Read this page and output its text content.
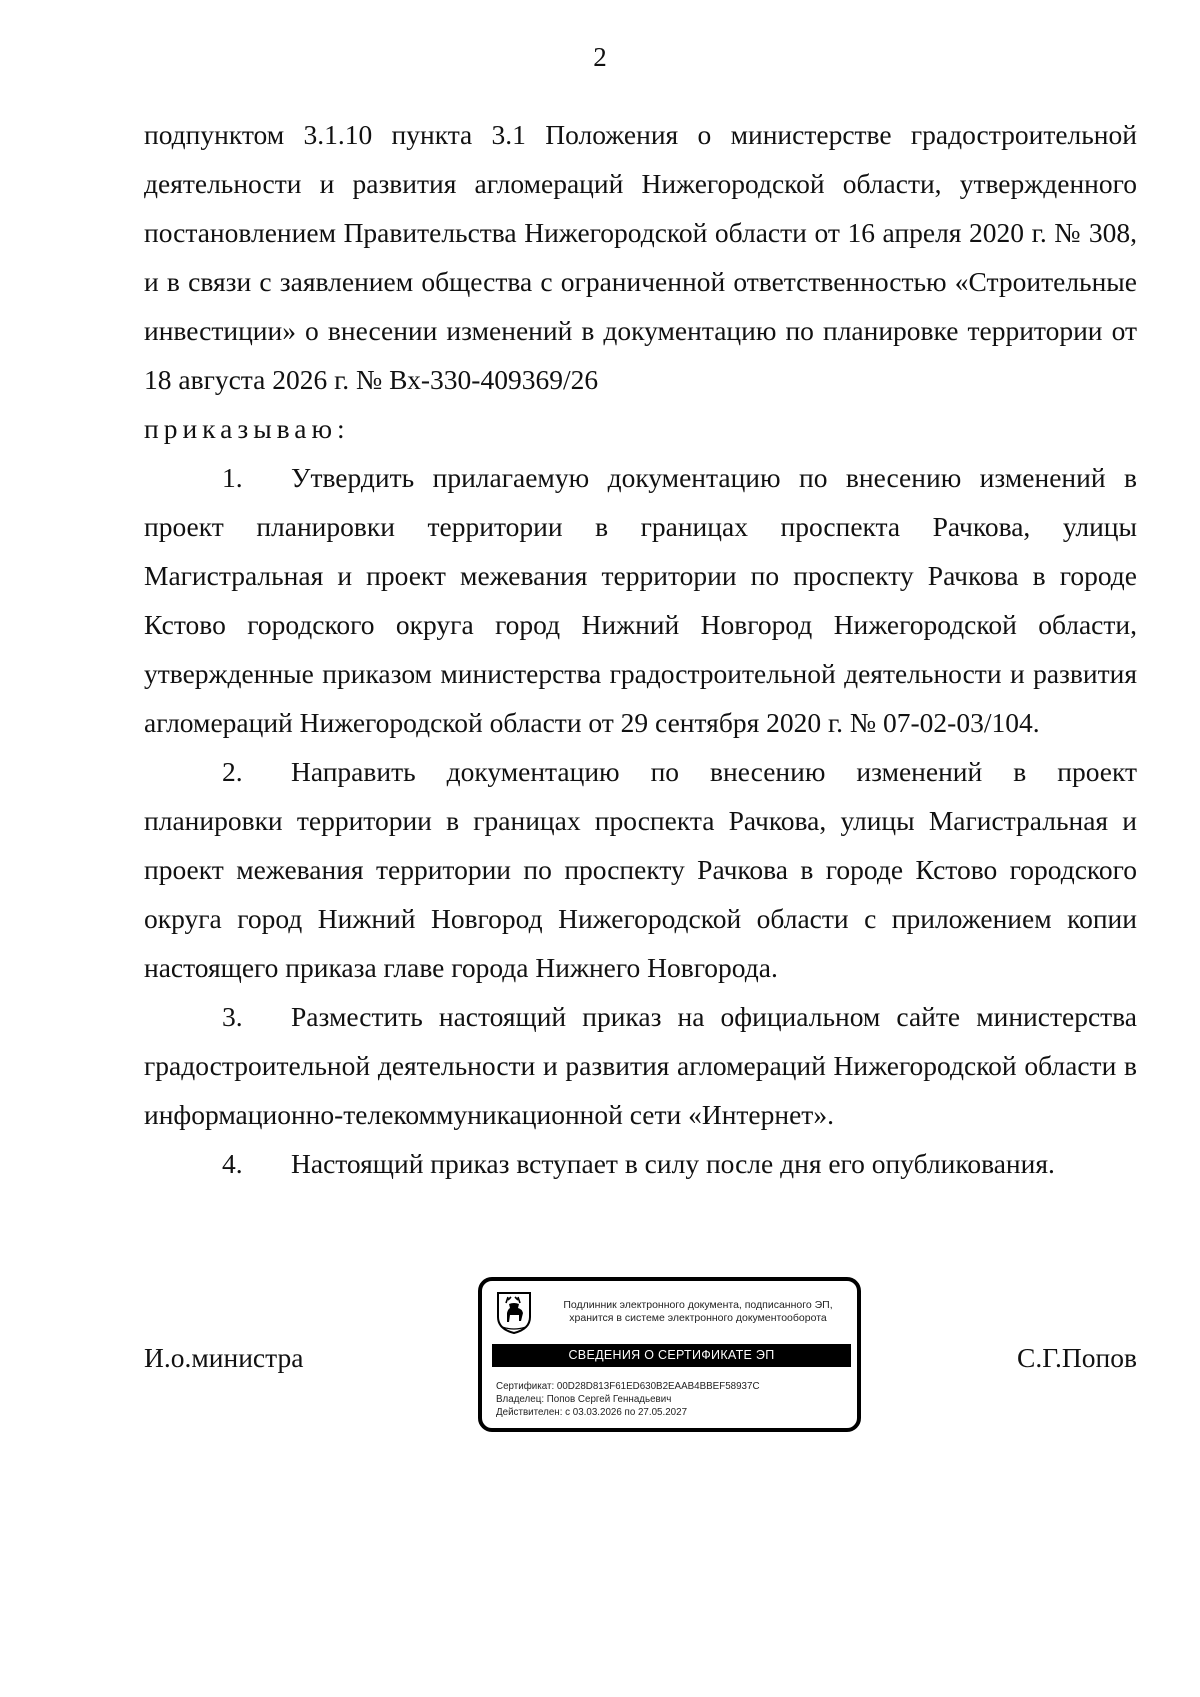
2

подпунктом 3.1.10 пункта 3.1 Положения о министерстве градостроительной деятельности и развития агломераций Нижегородской области, утвержденного постановлением Правительства Нижегородской области от 16 апреля 2020 г. № 308, и в связи с заявлением общества с ограниченной ответственностью «Строительные инвестиции» о внесении изменений в документацию по планировке территории от 18 августа 2026 г. № Вх-330-409369/26

приказываю:

1. Утвердить прилагаемую документацию по внесению изменений в проект планировки территории в границах проспекта Рачкова, улицы Магистральная и проект межевания территории по проспекту Рачкова в городе Кстово городского округа город Нижний Новгород Нижегородской области, утвержденные приказом министерства градостроительной деятельности и развития агломераций Нижегородской области от 29 сентября 2020 г. № 07-02-03/104.

2. Направить документацию по внесению изменений в проект планировки территории в границах проспекта Рачкова, улицы Магистральная и проект межевания территории по проспекту Рачкова в городе Кстово городского округа город Нижний Новгород Нижегородской области с приложением копии настоящего приказа главе города Нижнего Новгорода.

3. Разместить настоящий приказ на официальном сайте министерства градостроительной деятельности и развития агломераций Нижегородской области в информационно-телекоммуникационной сети «Интернет».

4. Настоящий приказ вступает в силу после дня его опубликования.

И.о.министра	С.Г.Попов
Подлинник электронного документа, подписанного ЭП,
хранится в системе электронного документооборота
СВЕДЕНИЯ О СЕРТИФИКАТЕ ЭП
Сертификат: 00D28D813F61ED630B2EAAB4BBEF58937C
Владелец: Попов Сергей Геннадьевич
Действителен: с 03.03.2026 по 27.05.2027
